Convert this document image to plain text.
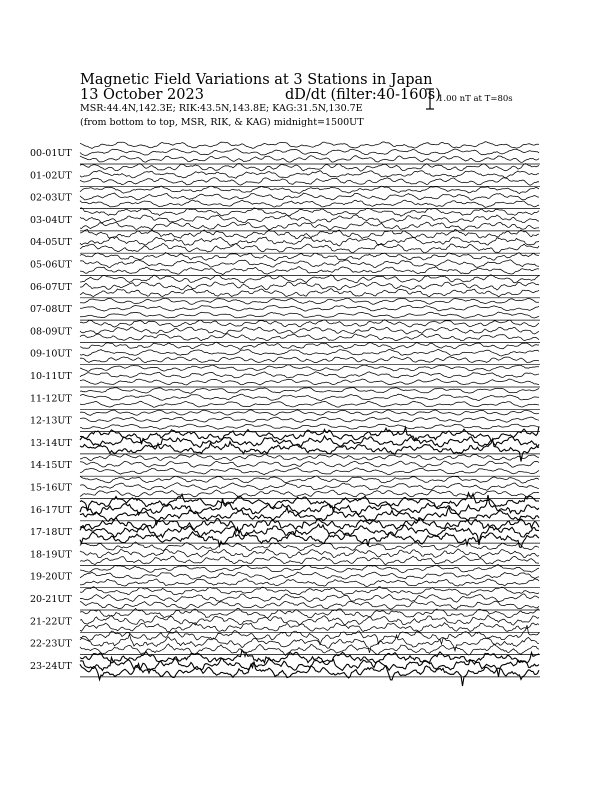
Magnetic Field Variations at 3 Stations in Japan
13 October 2023	dD/dt (filter:40-160s)
MSR:44.4N,142.3E; RIK:43.5N,143.8E; KAG:31.5N,130.7E
(from bottom to top, MSR, RIK, & KAG) midnight=1500UT
1.00 nT at T=80s
00-01UT
01-02UT
02-03UT
03-04UT
04-05UT
05-06UT
06-07UT
07-08UT
08-09UT
09-10UT
10-11UT
11-12UT
12-13UT
13-14UT
14-15UT
15-16UT
16-17UT
17-18UT
18-19UT
19-20UT
20-21UT
21-22UT
22-23UT
23-24UT
